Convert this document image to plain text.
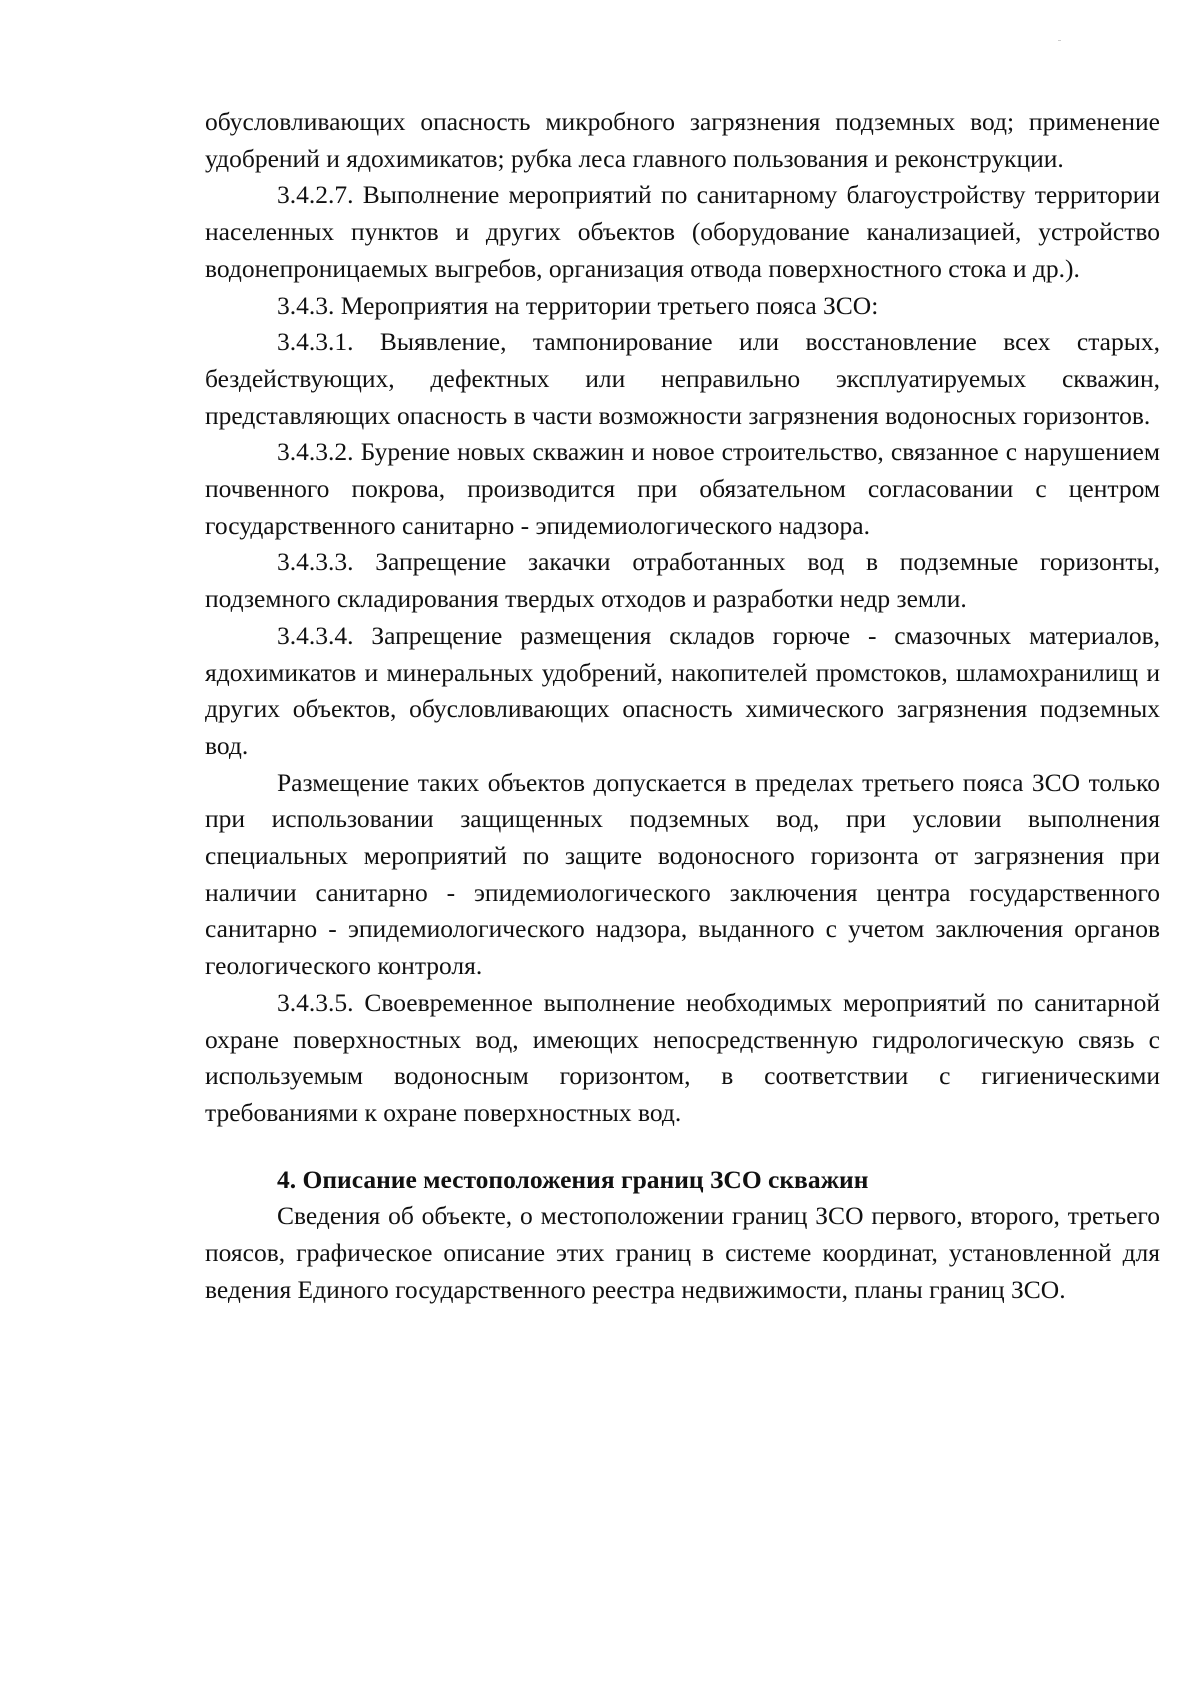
обусловливающих опасность микробного загрязнения подземных вод; применение удобрений и ядохимикатов; рубка леса главного пользования и реконструкции.

3.4.2.7. Выполнение мероприятий по санитарному благоустройству территории населенных пунктов и других объектов (оборудование канализацией, устройство водонепроницаемых выгребов, организация отвода поверхностного стока и др.).

3.4.3. Мероприятия на территории третьего пояса ЗСО:

3.4.3.1. Выявление, тампонирование или восстановление всех старых, бездействующих, дефектных или неправильно эксплуатируемых скважин, представляющих опасность в части возможности загрязнения водоносных горизонтов.

3.4.3.2. Бурение новых скважин и новое строительство, связанное с нарушением почвенного покрова, производится при обязательном согласовании с центром государственного санитарно - эпидемиологического надзора.

3.4.3.3. Запрещение закачки отработанных вод в подземные горизонты, подземного складирования твердых отходов и разработки недр земли.

3.4.3.4. Запрещение размещения складов горюче - смазочных материалов, ядохимикатов и минеральных удобрений, накопителей промстоков, шламохранилищ и других объектов, обусловливающих опасность химического загрязнения подземных вод.

Размещение таких объектов допускается в пределах третьего пояса ЗСО только при использовании защищенных подземных вод, при условии выполнения специальных мероприятий по защите водоносного горизонта от загрязнения при наличии санитарно - эпидемиологического заключения центра государственного санитарно - эпидемиологического надзора, выданного с учетом заключения органов геологического контроля.

3.4.3.5. Своевременное выполнение необходимых мероприятий по санитарной охране поверхностных вод, имеющих непосредственную гидрологическую связь с используемым водоносным горизонтом, в соответствии с гигиеническими требованиями к охране поверхностных вод.

4. Описание местоположения границ ЗСО скважин

Сведения об объекте, о местоположении границ ЗСО первого, второго, третьего поясов, графическое описание этих границ в системе координат, установленной для ведения Единого государственного реестра недвижимости, планы границ ЗСО.
